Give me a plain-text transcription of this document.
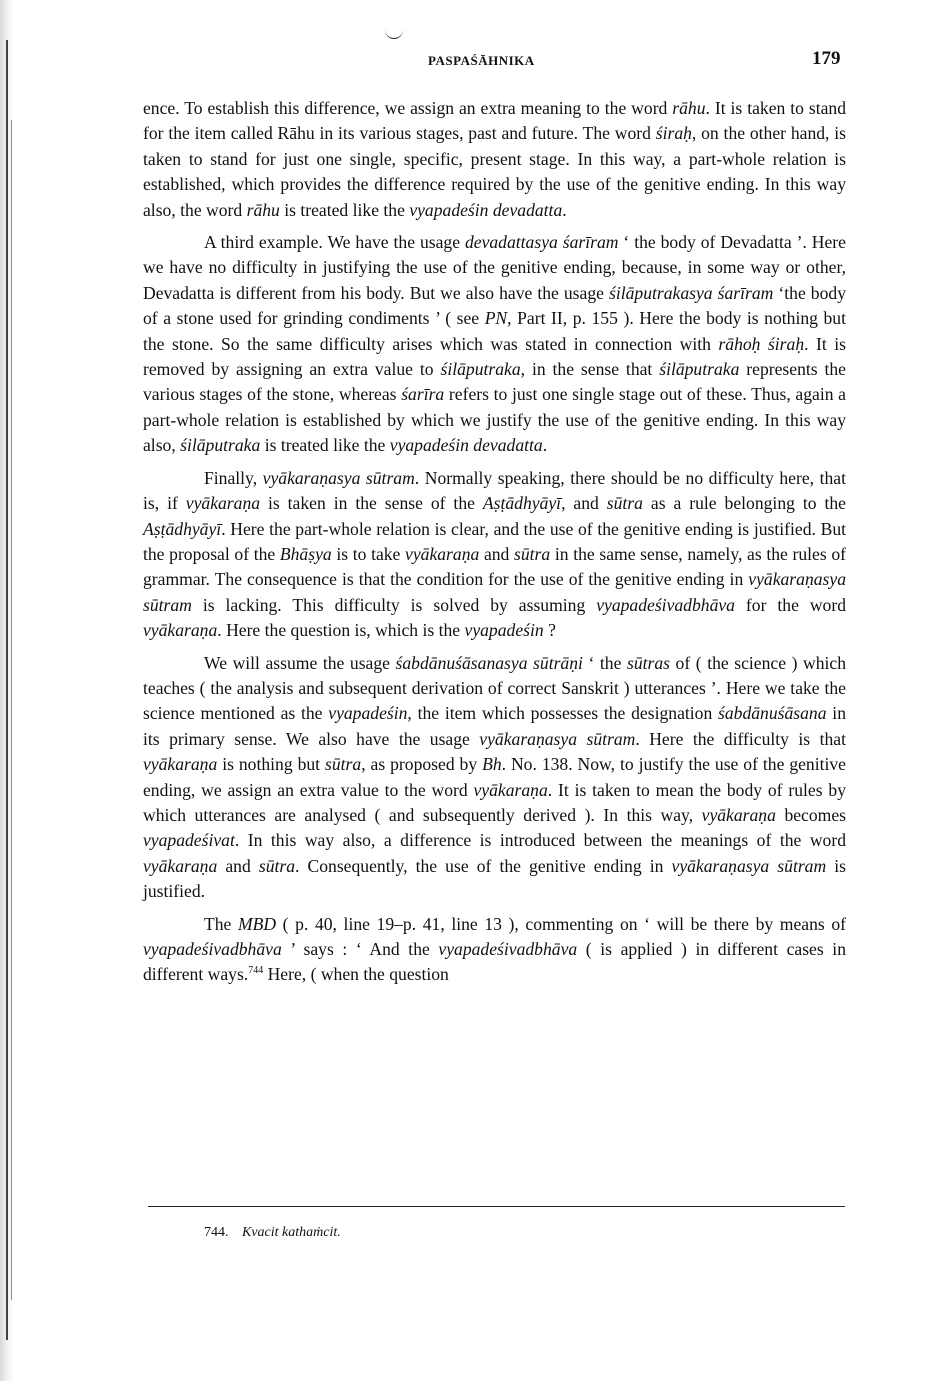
PASPAŚĀHNIKA	179

ence. To establish this difference, we assign an extra meaning to the word rāhu. It is taken to stand for the item called Rāhu in its various stages, past and future. The word śiraḥ, on the other hand, is taken to stand for just one single, specific, present stage. In this way, a part-whole relation is established, which provides the difference required by the use of the genitive ending. In this way also, the word rāhu is treated like the vyapadeśin devadatta.

A third example. We have the usage devadattasya śarīram ‘ the body of Devadatta ’. Here we have no difficulty in justifying the use of the genitive ending, because, in some way or other, Devadatta is different from his body. But we also have the usage śilāputrakasya śarīram ‘the body of a stone used for grinding condiments ’ ( see PN, Part II, p. 155 ). Here the body is nothing but the stone. So the same difficulty arises which was stated in connection with rāhoḥ śiraḥ. It is removed by assigning an extra value to śilāputraka, in the sense that śilāputraka represents the various stages of the stone, whereas śarīra refers to just one single stage out of these. Thus, again a part-whole relation is established by which we justify the use of the genitive ending. In this way also, śilāputraka is treated like the vyapadeśin devadatta.

Finally, vyākaraṇasya sūtram. Normally speaking, there should be no difficulty here, that is, if vyākaraṇa is taken in the sense of the Aṣṭādhyāyī, and sūtra as a rule belonging to the Aṣṭādhyāyī. Here the part-whole relation is clear, and the use of the genitive ending is justified. But the proposal of the Bhāṣya is to take vyākaraṇa and sūtra in the same sense, namely, as the rules of grammar. The consequence is that the condition for the use of the genitive ending in vyākaraṇasya sūtram is lacking. This difficulty is solved by assuming vyapadeśivadbhāva for the word vyākaraṇa. Here the question is, which is the vyapadeśin ?

We will assume the usage śabdānuśāsanasya sūtrāṇi ‘ the sūtras of ( the science ) which teaches ( the analysis and subsequent derivation of correct Sanskrit ) utterances ’. Here we take the science mentioned as the vyapadeśin, the item which possesses the designation śabdānuśāsana in its primary sense. We also have the usage vyākaraṇasya sūtram. Here the difficulty is that vyākaraṇa is nothing but sūtra, as proposed by Bh. No. 138. Now, to justify the use of the genitive ending, we assign an extra value to the word vyākaraṇa. It is taken to mean the body of rules by which utterances are analysed ( and subsequently derived ). In this way, vyākaraṇa becomes vyapadeśivat. In this way also, a difference is introduced between the meanings of the word vyākaraṇa and sūtra. Consequently, the use of the genitive ending in vyākaraṇasya sūtram is justified.

The MBD ( p. 40, line 19–p. 41, line 13 ), commenting on ‘ will be there by means of vyapadeśivadbhāva ’ says : ‘ And the vyapadeśivadbhāva ( is applied ) in different cases in different ways.$^{744}$ Here, ( when the question

744. Kvacit kathaṁcit.
